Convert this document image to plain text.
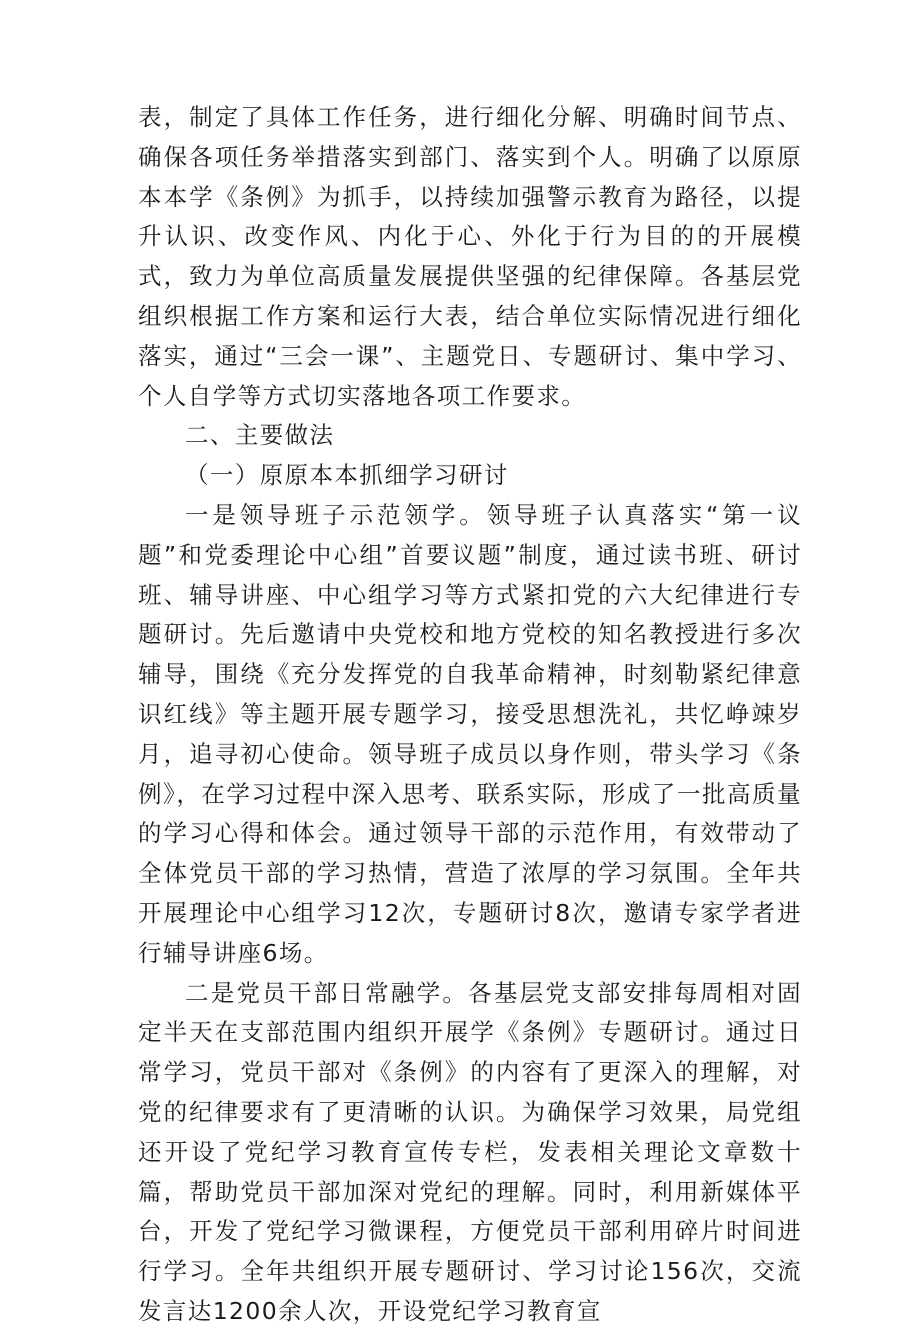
表，制定了具体工作任务，进行细化分解、明确时间节点、确保各项任务举措落实到部门、落实到个人。明确了以原原本本学《条例》为抓手，以持续加强警示教育为路径，以提升认识、改变作风、内化于心、外化于行为目的的开展模式，致力为单位高质量发展提供坚强的纪律保障。各基层党组织根据工作方案和运行大表，结合单位实际情况进行细化落实，通过“三会一课”、主题党日、专题研讨、集中学习、个人自学等方式切实落地各项工作要求。

二、主要做法

（一）原原本本抓细学习研讨

一是领导班子示范领学。领导班子认真落实“第一议题”和党委理论中心组”首要议题”制度，通过读书班、研讨班、辅导讲座、中心组学习等方式紧扣党的六大纪律进行专题研讨。先后邀请中央党校和地方党校的知名教授进行多次辅导，围绕《充分发挥党的自我革命精神，时刻勒紧纪律意识红线》等主题开展专题学习，接受思想洗礼，共忆峥竦岁月，追寻初心使命。领导班子成员以身作则，带头学习《条例》，在学习过程中深入思考、联系实际，形成了一批高质量的学习心得和体会。通过领导干部的示范作用，有效带动了全体党员干部的学习热情，营造了浓厚的学习氛围。全年共开展理论中心组学习12次，专题研讨8次，邀请专家学者进行辅导讲座6场。

二是党员干部日常融学。各基层党支部安排每周相对固定半天在支部范围内组织开展学《条例》专题研讨。通过日常学习，党员干部对《条例》的内容有了更深入的理解，对党的纪律要求有了更清晰的认识。为确保学习效果，局党组还开设了党纪学习教育宣传专栏，发表相关理论文章数十篇，帮助党员干部加深对党纪的理解。同时，利用新媒体平台，开发了党纪学习微课程，方便党员干部利用碎片时间进行学习。全年共组织开展专题研讨、学习讨论156次，交流发言达1200余人次，开设党纪学习教育宣
